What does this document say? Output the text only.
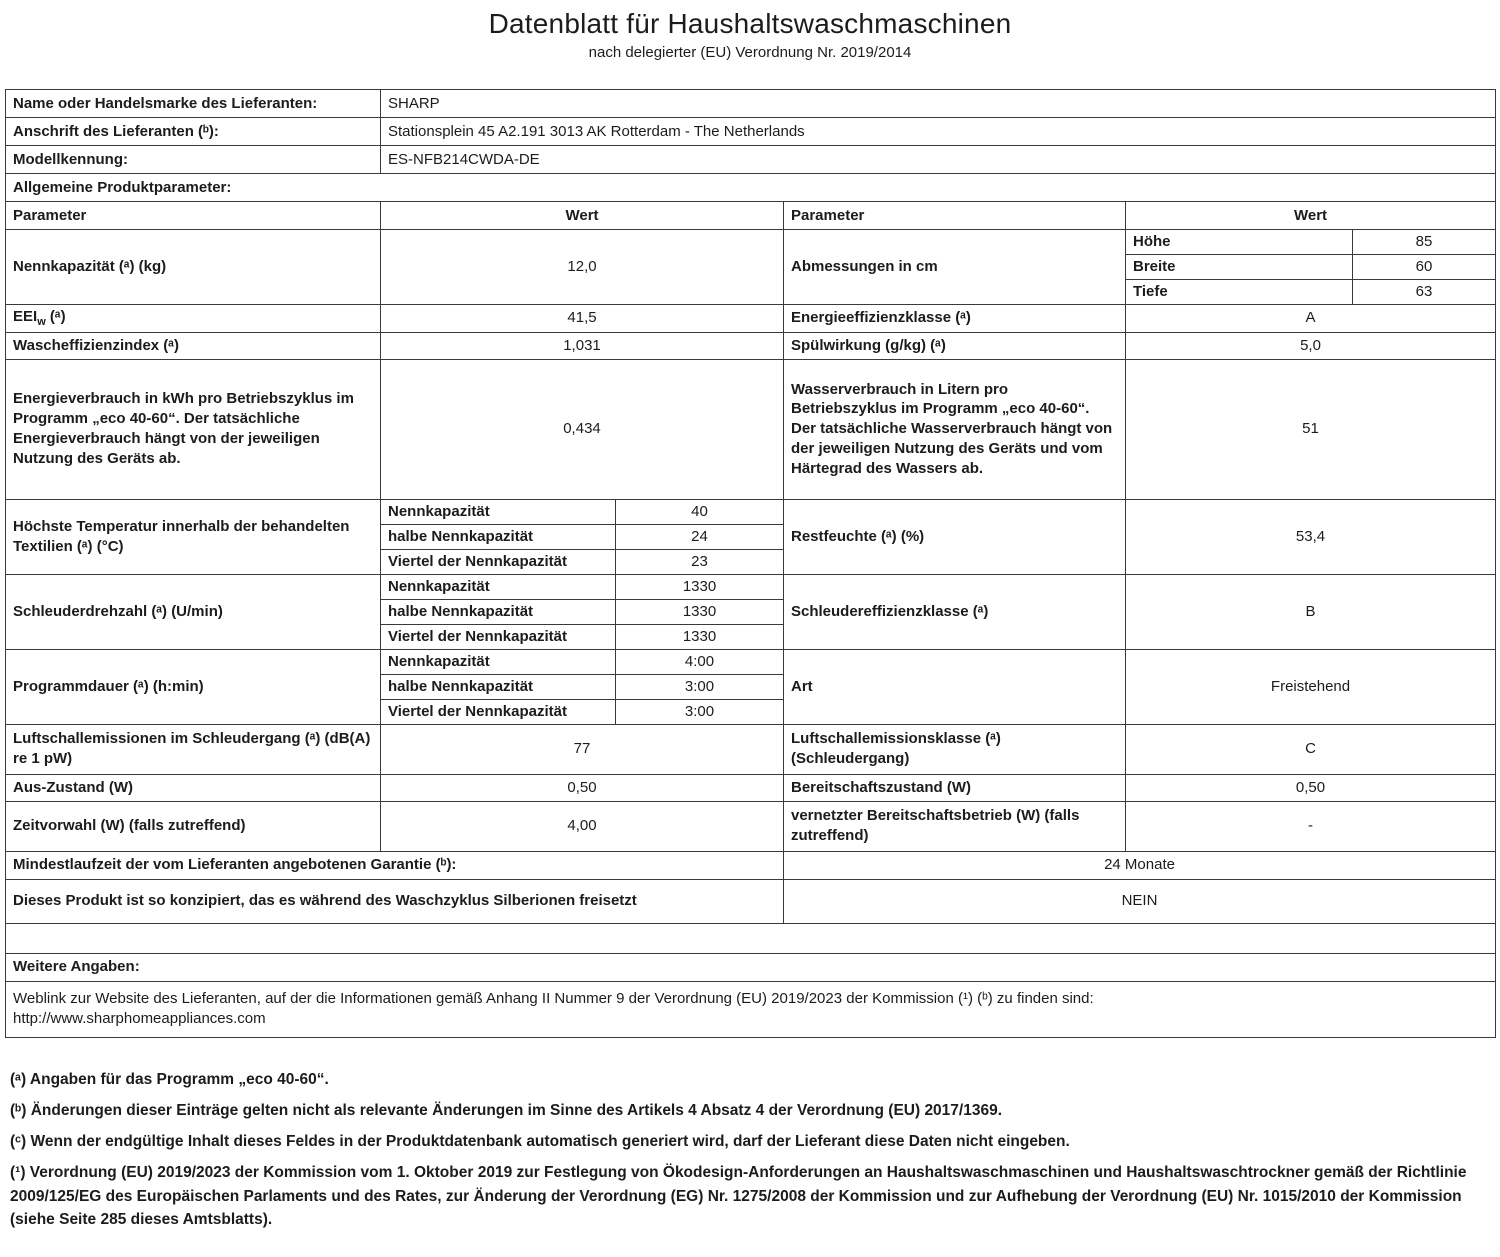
Datenblatt für Haushaltswaschmaschinen
nach delegierter (EU) Verordnung Nr. 2019/2014
Name oder Handelsmarke des Lieferanten:	SHARP				
Anschrift des Lieferanten (ᵇ):	Stationsplein 45 A2.191 3013 AK Rotterdam - The Netherlands				
Modellkennung:	ES-NFB214CWDA-DE				
Allgemeine Produktparameter:					
Parameter	Wert		Parameter	Wert	
Nennkapazität (ᵃ) (kg)	12,0		Abmessungen in cm	Höhe	85
				Breite	60
				Tiefe	63
$EEI_w$ (ᵃ)	41,5		Energieeffizienzklasse (ᵃ)	A	
Wascheffizienzindex (ᵃ)	1,031		Spülwirkung (g/kg) (ᵃ)	5,0	
Energieverbrauch in kWh pro Betriebszyklus im Programm „eco 40-60“. Der tatsächliche Energieverbrauch hängt von der jeweiligen Nutzung des Geräts ab.	0,434		Wasserverbrauch in Litern pro Betriebszyklus im Programm „eco 40-60“. Der tatsächliche Wasserverbrauch hängt von der jeweiligen Nutzung des Geräts und vom Härtegrad des Wassers ab.	51	
Höchste Temperatur innerhalb der behandelten Textilien (ᵃ) (°C)	Nennkapazität	40	Restfeuchte (ᵃ) (%)	53,4	
	halbe Nennkapazität	24			
	Viertel der Nennkapazität	23			
Schleuderdrehzahl (ᵃ) (U/min)	Nennkapazität	1330	Schleudereffizienzklasse (ᵃ)	B	
	halbe Nennkapazität	1330			
	Viertel der Nennkapazität	1330			
Programmdauer (ᵃ) (h:min)	Nennkapazität	4:00	Art	Freistehend	
	halbe Nennkapazität	3:00			
	Viertel der Nennkapazität	3:00			
Luftschallemissionen im Schleudergang (ᵃ) (dB(A) re 1 pW)	77		Luftschallemissionsklasse (ᵃ) (Schleudergang)	C	
Aus-Zustand (W)	0,50		Bereitschaftszustand (W)	0,50	
Zeitvorwahl (W) (falls zutreffend)	4,00		vernetzter Bereitschaftsbetrieb (W) (falls zutreffend)	-	
Mindestlaufzeit der vom Lieferanten angebotenen Garantie (ᵇ):			24 Monate		
Dieses Produkt ist so konzipiert, das es während des Waschzyklus Silberionen freisetzt			NEIN		

Weitere Angaben:					

Weblink zur Website des Lieferanten, auf der die Informationen gemäß Anhang II Nummer 9 der Verordnung (EU) 2019/2023 der Kommission (¹) (ᵇ) zu finden sind:
http://www.sharphomeappliances.com					

(ᵃ) Angaben für das Programm „eco 40-60“.

(ᵇ) Änderungen dieser Einträge gelten nicht als relevante Änderungen im Sinne des Artikels 4 Absatz 4 der Verordnung (EU) 2017/1369.

(ᶜ) Wenn der endgültige Inhalt dieses Feldes in der Produktdatenbank automatisch generiert wird, darf der Lieferant diese Daten nicht eingeben.

(¹) Verordnung (EU) 2019/2023 der Kommission vom 1. Oktober 2019 zur Festlegung von Ökodesign-Anforderungen an Haushaltswaschmaschinen und Haushaltswaschtrockner gemäß der Richtlinie 2009/125/EG des Europäischen Parlaments und des Rates, zur Änderung der Verordnung (EG) Nr. 1275/2008 der Kommission und zur Aufhebung der Verordnung (EU) Nr. 1015/2010 der Kommission (siehe Seite 285 dieses Amtsblatts).
